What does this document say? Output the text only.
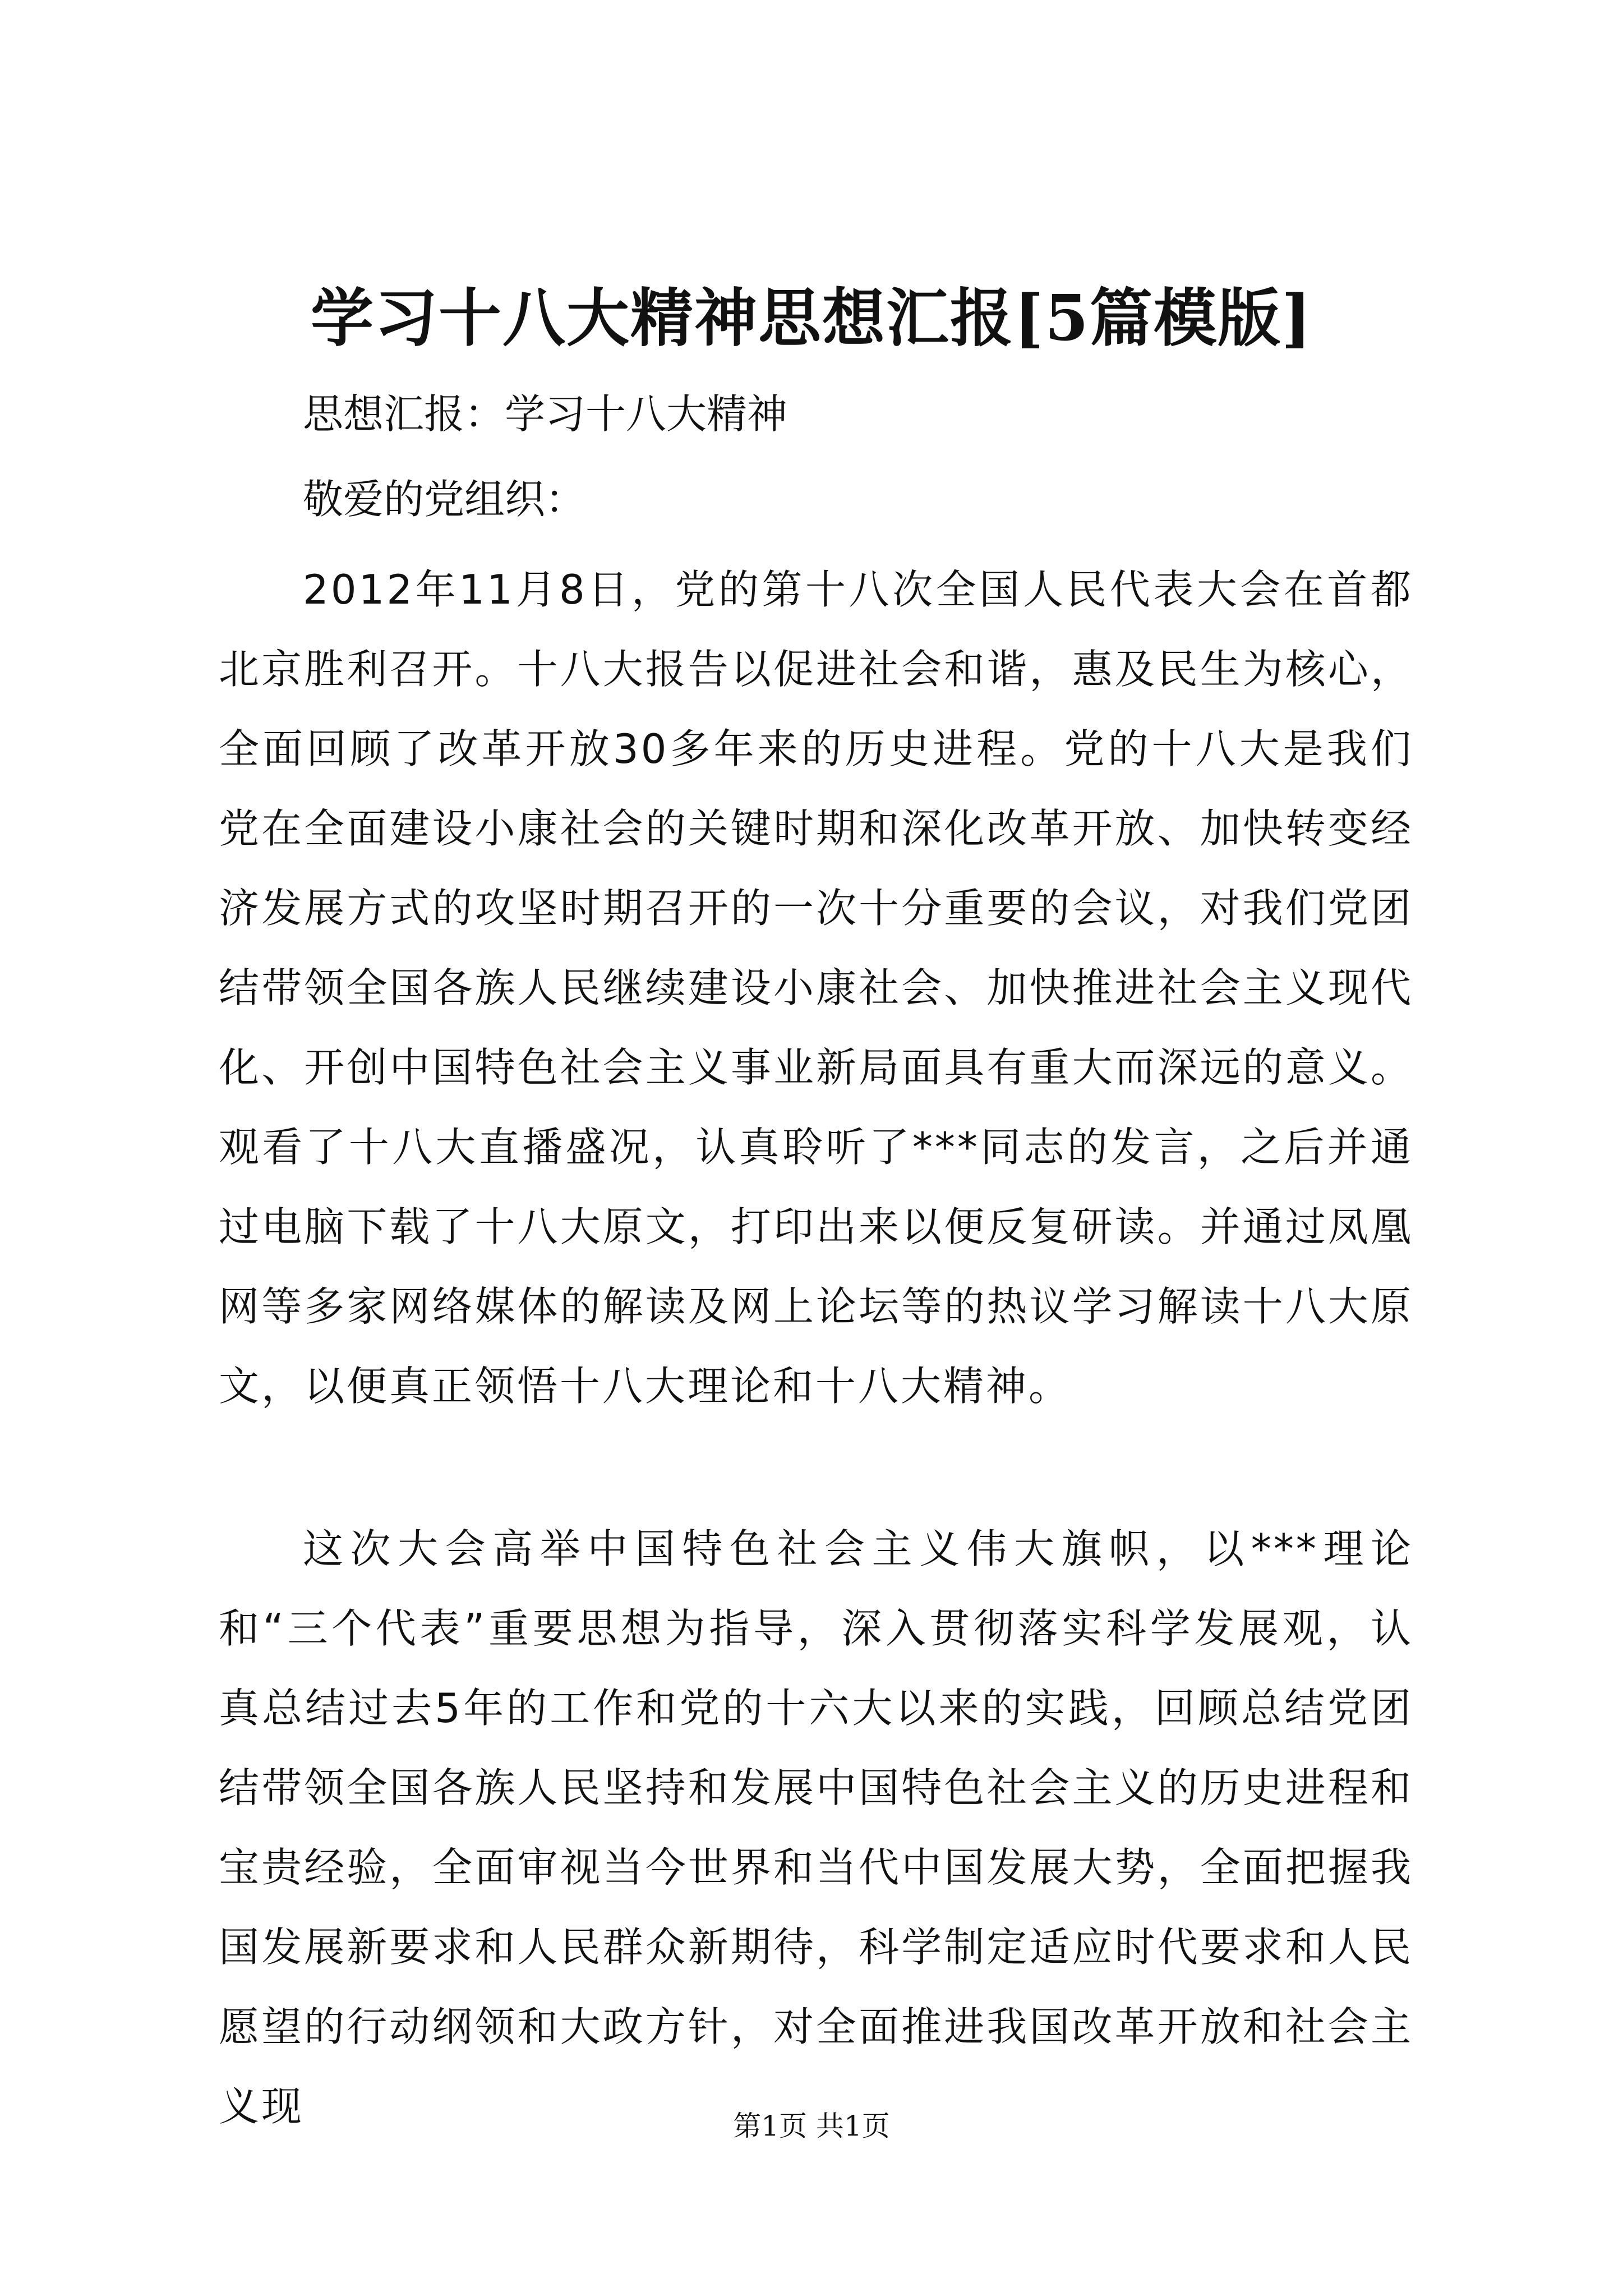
学习十八大精神思想汇报[5篇模版]
思想汇报：学习十八大精神
敬爱的党组织：
2012年11月8日，党的第十八次全国人民代表大会在首都北京胜利召开。十八大报告以促进社会和谐，惠及民生为核心，全面回顾了改革开放30多年来的历史进程。党的十八大是我们党在全面建设小康社会的关键时期和深化改革开放、加快转变经济发展方式的攻坚时期召开的一次十分重要的会议，对我们党团结带领全国各族人民继续建设小康社会、加快推进社会主义现代化、开创中国特色社会主义事业新局面具有重大而深远的意义。观看了十八大直播盛况，认真聆听了***同志的发言，之后并通过电脑下载了十八大原文，打印出来以便反复研读。并通过凤凰网等多家网络媒体的解读及网上论坛等的热议学习解读十八大原文，以便真正领悟十八大理论和十八大精神。
这次大会高举中国特色社会主义伟大旗帜，以***理论和“三个代表”重要思想为指导，深入贯彻落实科学发展观，认真总结过去5年的工作和党的十六大以来的实践，回顾总结党团结带领全国各族人民坚持和发展中国特色社会主义的历史进程和宝贵经验，全面审视当今世界和当代中国发展大势，全面把握我国发展新要求和人民群众新期待，科学制定适应时代要求和人民愿望的行动纲领和大政方针，对全面推进我国改革开放和社会主义现	第1页 共1页
